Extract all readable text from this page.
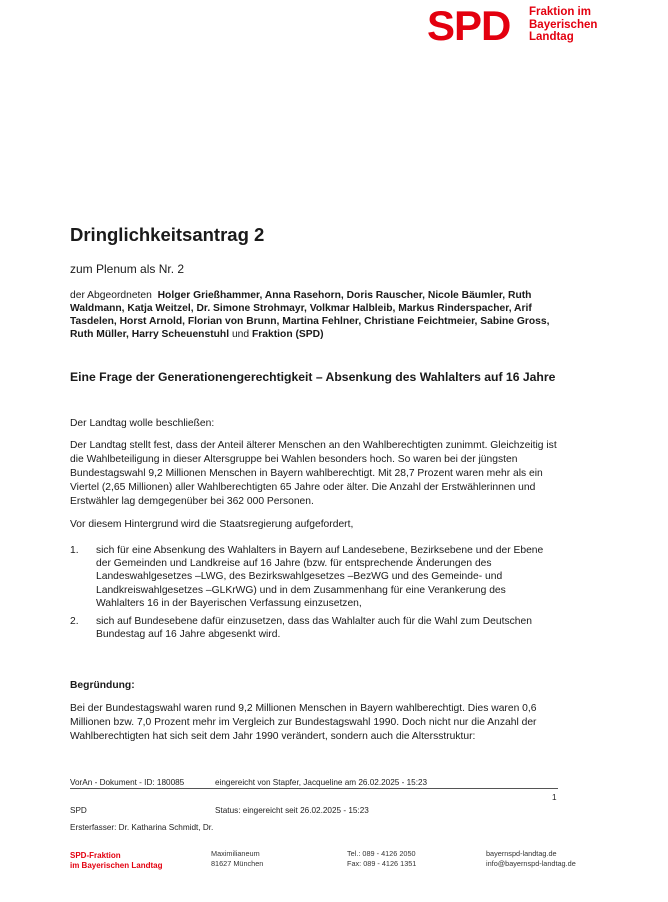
SPD Fraktion im
Bayerischen
Landtag
Dringlichkeitsantrag 2
zum Plenum als Nr. 2
der Abgeordneten Holger Grießhammer, Anna Rasehorn, Doris Rauscher, Nicole Bäumler, Ruth Waldmann, Katja Weitzel, Dr. Simone Strohmayr, Volkmar Halbleib, Markus Rinderspacher, Arif Tasdelen, Horst Arnold, Florian von Brunn, Martina Fehlner, Christiane Feichtmeier, Sabine Gross, Ruth Müller, Harry Scheuenstuhl und Fraktion (SPD)
Eine Frage der Generationengerechtigkeit – Absenkung des Wahlalters auf 16 Jahre
Der Landtag wolle beschließen:
Der Landtag stellt fest, dass der Anteil älterer Menschen an den Wahlberechtigten zunimmt. Gleichzeitig ist die Wahlbeteiligung in dieser Altersgruppe bei Wahlen besonders hoch. So waren bei der jüngsten Bundestagswahl 9,2 Millionen Menschen in Bayern wahlberechtigt. Mit 28,7 Prozent waren mehr als ein Viertel (2,65 Millionen) aller Wahlberechtigten 65 Jahre oder älter. Die Anzahl der Erstwählerinnen und Erstwähler lag demgegenüber bei 362 000 Personen.
Vor diesem Hintergrund wird die Staatsregierung aufgefordert,
1.	sich für eine Absenkung des Wahlalters in Bayern auf Landesebene, Bezirksebene und der Ebene der Gemeinden und Landkreise auf 16 Jahre (bzw. für entsprechende Änderungen des Landeswahlgesetzes –LWG, des Bezirkswahlgesetzes –BezWG und des Gemeinde- und Landkreiswahlgesetzes –GLKrWG) und in dem Zusammenhang für eine Verankerung des Wahlalters 16 in der Bayerischen Verfassung einzusetzen,
2.	sich auf Bundesebene dafür einzusetzen, dass das Wahlalter auch für die Wahl zum Deutschen Bundestag auf 16 Jahre abgesenkt wird.
Begründung:
Bei der Bundestagswahl waren rund 9,2 Millionen Menschen in Bayern wahlberechtigt. Dies waren 0,6 Millionen bzw. 7,0 Prozent mehr im Vergleich zur Bundestagswahl 1990. Doch nicht nur die Anzahl der Wahlberechtigten hat sich seit dem Jahr 1990 verändert, sondern auch die Altersstruktur:
VorAn - Dokument - ID: 180085	eingereicht von Stapfer, Jacqueline am 26.02.2025 - 15:23
1
SPD	Status: eingereicht seit 26.02.2025 - 15:23
Ersterfasser: Dr. Katharina Schmidt, Dr.
SPD-Fraktion
im Bayerischen Landtag
Maximilianeum
81627 München
Tel.: 089 - 4126 2050
Fax: 089 - 4126 1351
bayernspd-landtag.de
info@bayernspd-landtag.de
